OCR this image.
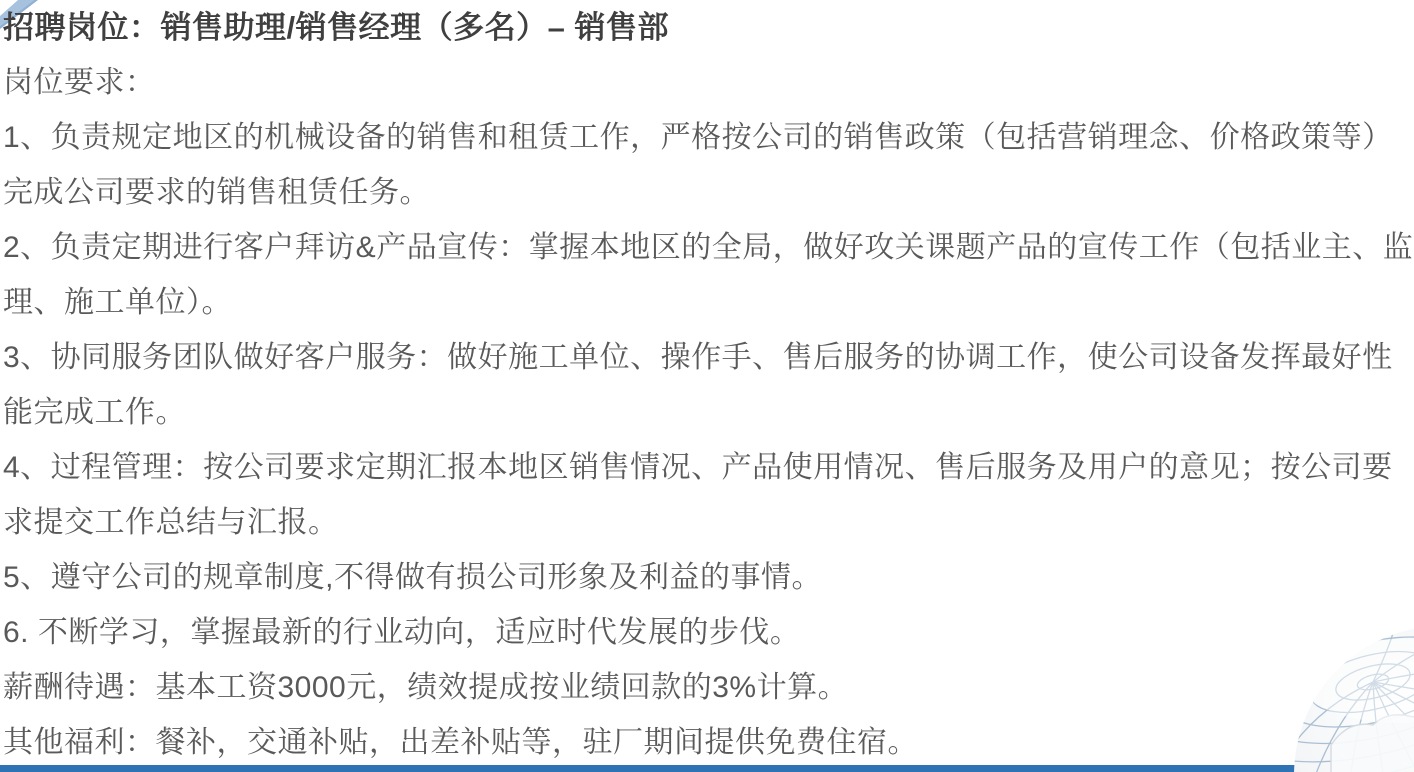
招聘岗位：销售助理/销售经理（多名）– 销售部
岗位要求：
1、负责规定地区的机械设备的销售和租赁工作，严格按公司的销售政策（包括营销理念、价格政策等）完成公司要求的销售租赁任务。
2、负责定期进行客户拜访&产品宣传：掌握本地区的全局，做好攻关课题产品的宣传工作（包括业主、监理、施工单位）。
3、协同服务团队做好客户服务：做好施工单位、操作手、售后服务的协调工作，使公司设备发挥最好性能完成工作。
4、过程管理：按公司要求定期汇报本地区销售情况、产品使用情况、售后服务及用户的意见；按公司要求提交工作总结与汇报。
5、遵守公司的规章制度,不得做有损公司形象及利益的事情。
6. 不断学习，掌握最新的行业动向，适应时代发展的步伐。
薪酬待遇：基本工资3000元，绩效提成按业绩回款的3%计算。
其他福利：餐补，交通补贴，出差补贴等，驻厂期间提供免费住宿。
